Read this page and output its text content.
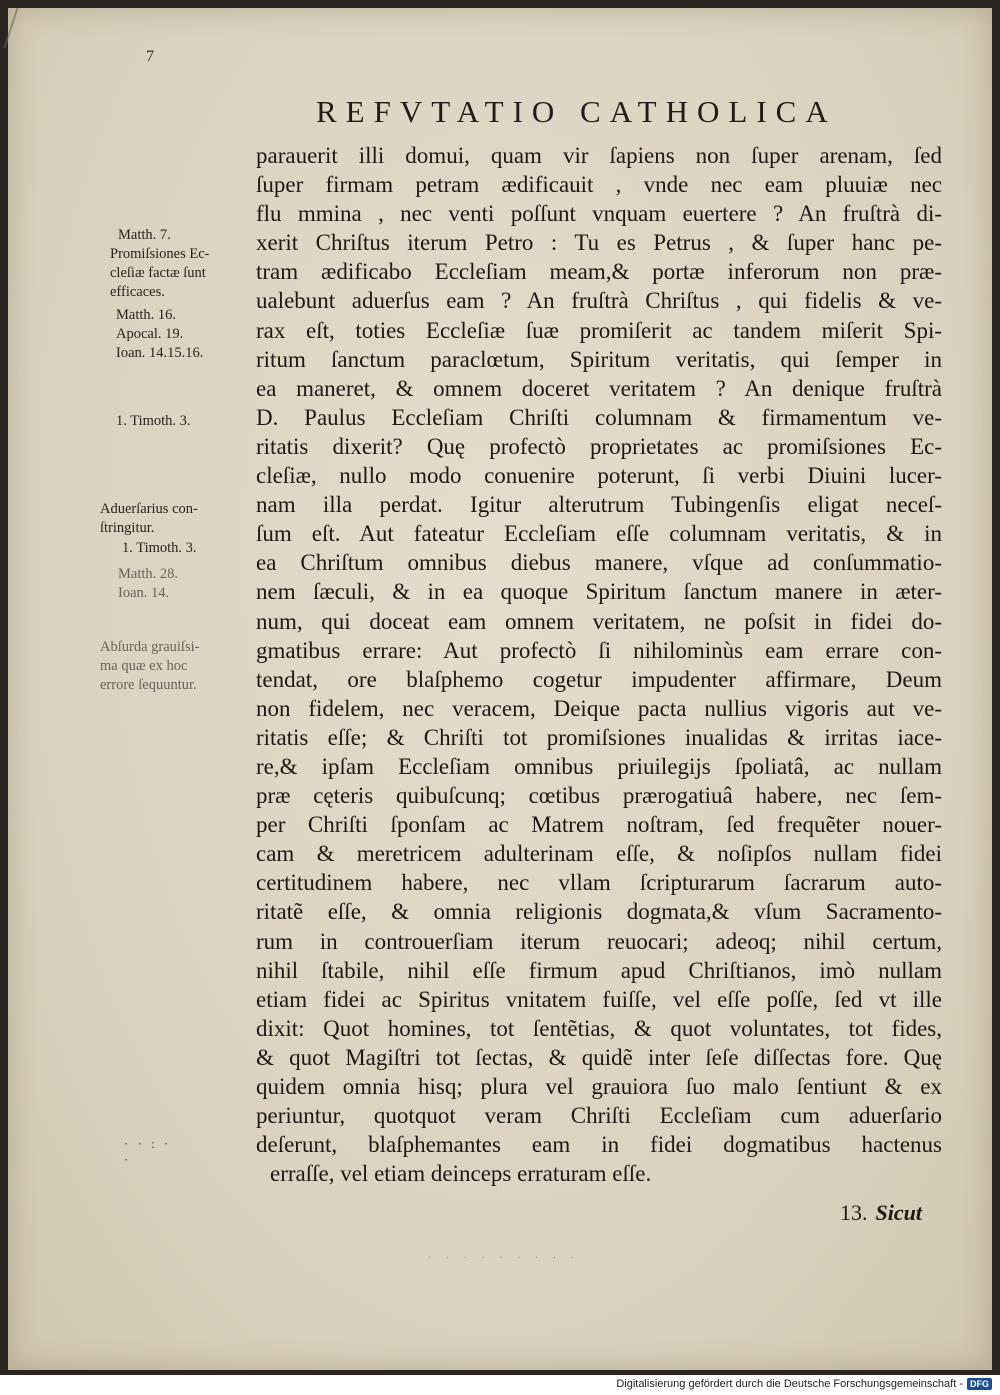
7
REFVTATIO CATHOLICA
parauerit illi domui, quam vir ſapiens non ſuper arenam, ſed
ſuper firmam petram ædificauit , vnde nec eam pluuiæ nec
flu mmina , nec venti poſſunt vnquam euertere ? An fruſtrà di-
xerit Chriſtus iterum Petro : Tu es Petrus , & ſuper hanc pe-
tram ædificabo Eccleſiam meam,& portæ inferorum non præ-
ualebunt aduerſus eam ? An fruſtrà Chriſtus , qui fidelis & ve-
rax eſt, toties Eccleſiæ ſuæ promiſerit ac tandem miſerit Spi-
ritum ſanctum paraclœtum, Spiritum veritatis, qui ſemper in
ea maneret, & omnem doceret veritatem ? An denique fruſtrà
D. Paulus Eccleſiam Chriſti columnam & firmamentum ve-
ritatis dixerit? Quę profectò proprietates ac promiſsiones Ec-
cleſiæ, nullo modo conuenire poterunt, ſi verbi Diuini lucer-
nam illa perdat. Igitur alterutrum Tubingenſis eligat neceſ-
ſum eſt. Aut fateatur Eccleſiam eſſe columnam veritatis, & in
ea Chriſtum omnibus diebus manere, vſque ad conſummatio-
nem ſæculi, & in ea quoque Spiritum ſanctum manere in æter-
num, qui doceat eam omnem veritatem, ne poſsit in fidei do-
gmatibus errare: Aut profectò ſi nihilominùs eam errare con-
tendat, ore blaſphemo cogetur impudenter affirmare, Deum
non fidelem, nec veracem, Deique pacta nullius vigoris aut ve-
ritatis eſſe; & Chriſti tot promiſsiones inualidas & irritas iace-
re,& ipſam Eccleſiam omnibus priuilegijs ſpoliatâ, ac nullam
præ cęteris quibuſcunq; cœtibus prærogatiuâ habere, nec ſem-
per Chriſti ſponſam ac Matrem noſtram, ſed frequẽter nouer-
cam & meretricem adulterinam eſſe, & noſipſos nullam fidei
certitudinem habere, nec vllam ſcripturarum ſacrarum auto-
ritatẽ eſſe, & omnia religionis dogmata,& vſum Sacramento-
rum in controuerſiam iterum reuocari; adeoq; nihil certum,
nihil ſtabile, nihil eſſe firmum apud Chriſtianos, imò nullam
etiam fidei ac Spiritus vnitatem fuiſſe, vel eſſe poſſe, ſed vt ille
dixit: Quot homines, tot ſentẽtias, & quot voluntates, tot fides,
& quot Magiſtri tot ſectas, & quidẽ inter ſeſe diſſectas fore. Quę
quidem omnia hisq; plura vel grauiora ſuo malo ſentiunt & ex
periuntur, quotquot veram Chriſti Eccleſiam cum aduerſario
deſerunt, blaſphemantes eam in fidei dogmatibus hactenus
erraſſe, vel etiam deinceps erraturam eſſe.
Matth. 7.
Promiſsiones Ec-
cleſiæ factæ ſunt
efficaces.
Matth. 16.
Apocal. 19.
Ioan. 14.15.16.
1. Timoth. 3.
Aduerſarius con-
ſtringitur.
1. Timoth. 3.
Matth. 28.
Ioan. 14.
Abſurda grauiſsi-
ma quæ ex hoc
errore ſequuntur.
· · : ·
·
· · · · · · · · ·
13. Sicut
Digitalisierung gefördert durch die Deutsche Forschungsgemeinschaft - DFG
